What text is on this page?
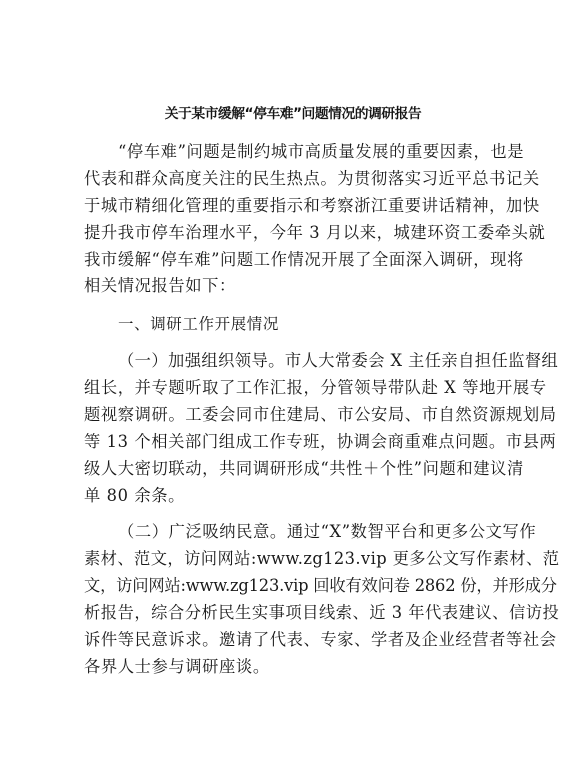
关于某市缓解“停车难”问题情况的调研报告

“停车难”问题是制约城市高质量发展的重要因素，也是

代表和群众高度关注的民生热点。为贯彻落实习近平总书记关

于城市精细化管理的重要指示和考察浙江重要讲话精神，加快

提升我市停车治理水平，今年 3 月以来，城建环资工委牵头就

我市缓解“停车难”问题工作情况开展了全面深入调研，现将

相关情况报告如下：

一、调研工作开展情况

（一）加强组织领导。市人大常委会 X 主任亲自担任监督组

组长，并专题听取了工作汇报，分管领导带队赴 X 等地开展专

题视察调研。工委会同市住建局、市公安局、市自然资源规划局

等 13 个相关部门组成工作专班，协调会商重难点问题。市县两

级人大密切联动，共同调研形成“共性＋个性”问题和建议清

单 80 余条。

（二）广泛吸纳民意。通过“X”数智平台和更多公文写作

素材、范文，访问网站:www.zg123.vip 更多公文写作素材、范

文，访问网站:www.zg123.vip 回收有效问卷 2862 份，并形成分

析报告，综合分析民生实事项目线索、近 3 年代表建议、信访投

诉件等民意诉求。邀请了代表、专家、学者及企业经营者等社会

各界人士参与调研座谈。
